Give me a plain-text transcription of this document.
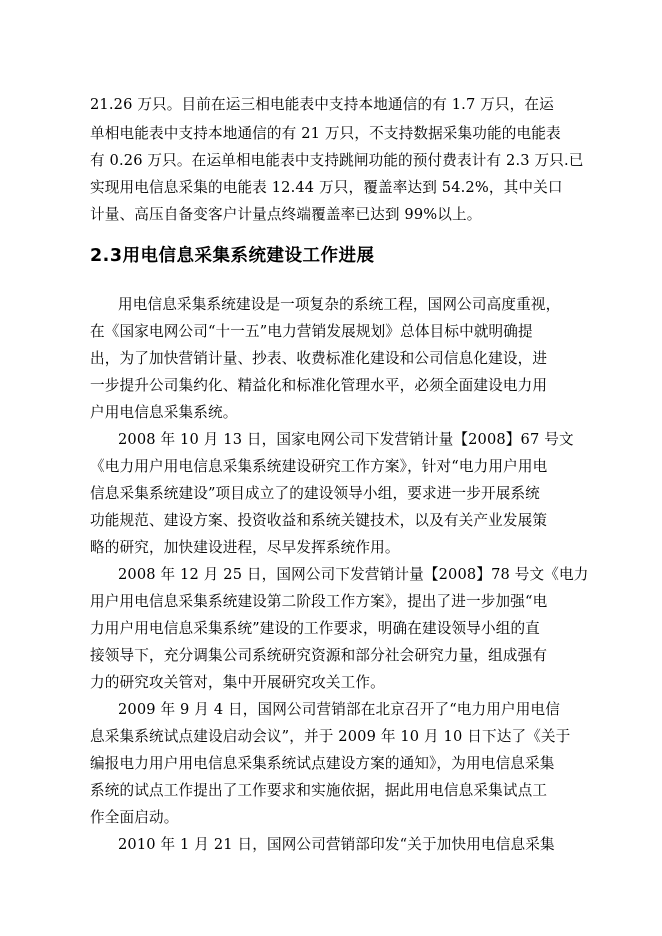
21.26 万只。目前在运三相电能表中支持本地通信的有 1.7 万只，在运
单相电能表中支持本地通信的有 21 万只，不支持数据采集功能的电能表
有 0.26 万只。在运单相电能表中支持跳闸功能的预付费表计有 2.3 万只.已
实现用电信息采集的电能表 12.44 万只，覆盖率达到 54.2%，其中关口
计量、高压自备变客户计量点终端覆盖率已达到 99%以上。
2.3用电信息采集系统建设工作进展
用电信息采集系统建设是一项复杂的系统工程，国网公司高度重视，
在《国家电网公司“十一五”电力营销发展规划》总体目标中就明确提
出，为了加快营销计量、抄表、收费标准化建设和公司信息化建设，进
一步提升公司集约化、精益化和标准化管理水平，必须全面建设电力用
户用电信息采集系统。
2008 年 10 月 13 日，国家电网公司下发营销计量【2008】67 号文
《电力用户用电信息采集系统建设研究工作方案》，针对“电力用户用电
信息采集系统建设”项目成立了的建设领导小组，要求进一步开展系统
功能规范、建设方案、投资收益和系统关键技术，以及有关产业发展策
略的研究，加快建设进程，尽早发挥系统作用。
2008 年 12 月 25 日，国网公司下发营销计量【2008】78 号文《电力
用户用电信息采集系统建设第二阶段工作方案》，提出了进一步加强“电
力用户用电信息采集系统”建设的工作要求，明确在建设领导小组的直
接领导下，充分调集公司系统研究资源和部分社会研究力量，组成强有
力的研究攻关管对，集中开展研究攻关工作。
2009 年 9 月 4 日，国网公司营销部在北京召开了“电力用户用电信
息采集系统试点建设启动会议”，并于 2009 年 10 月 10 日下达了《关于
编报电力用户用电信息采集系统试点建设方案的通知》，为用电信息采集
系统的试点工作提出了工作要求和实施依据，据此用电信息采集试点工
作全面启动。
2010 年 1 月 21 日，国网公司营销部印发“关于加快用电信息采集
